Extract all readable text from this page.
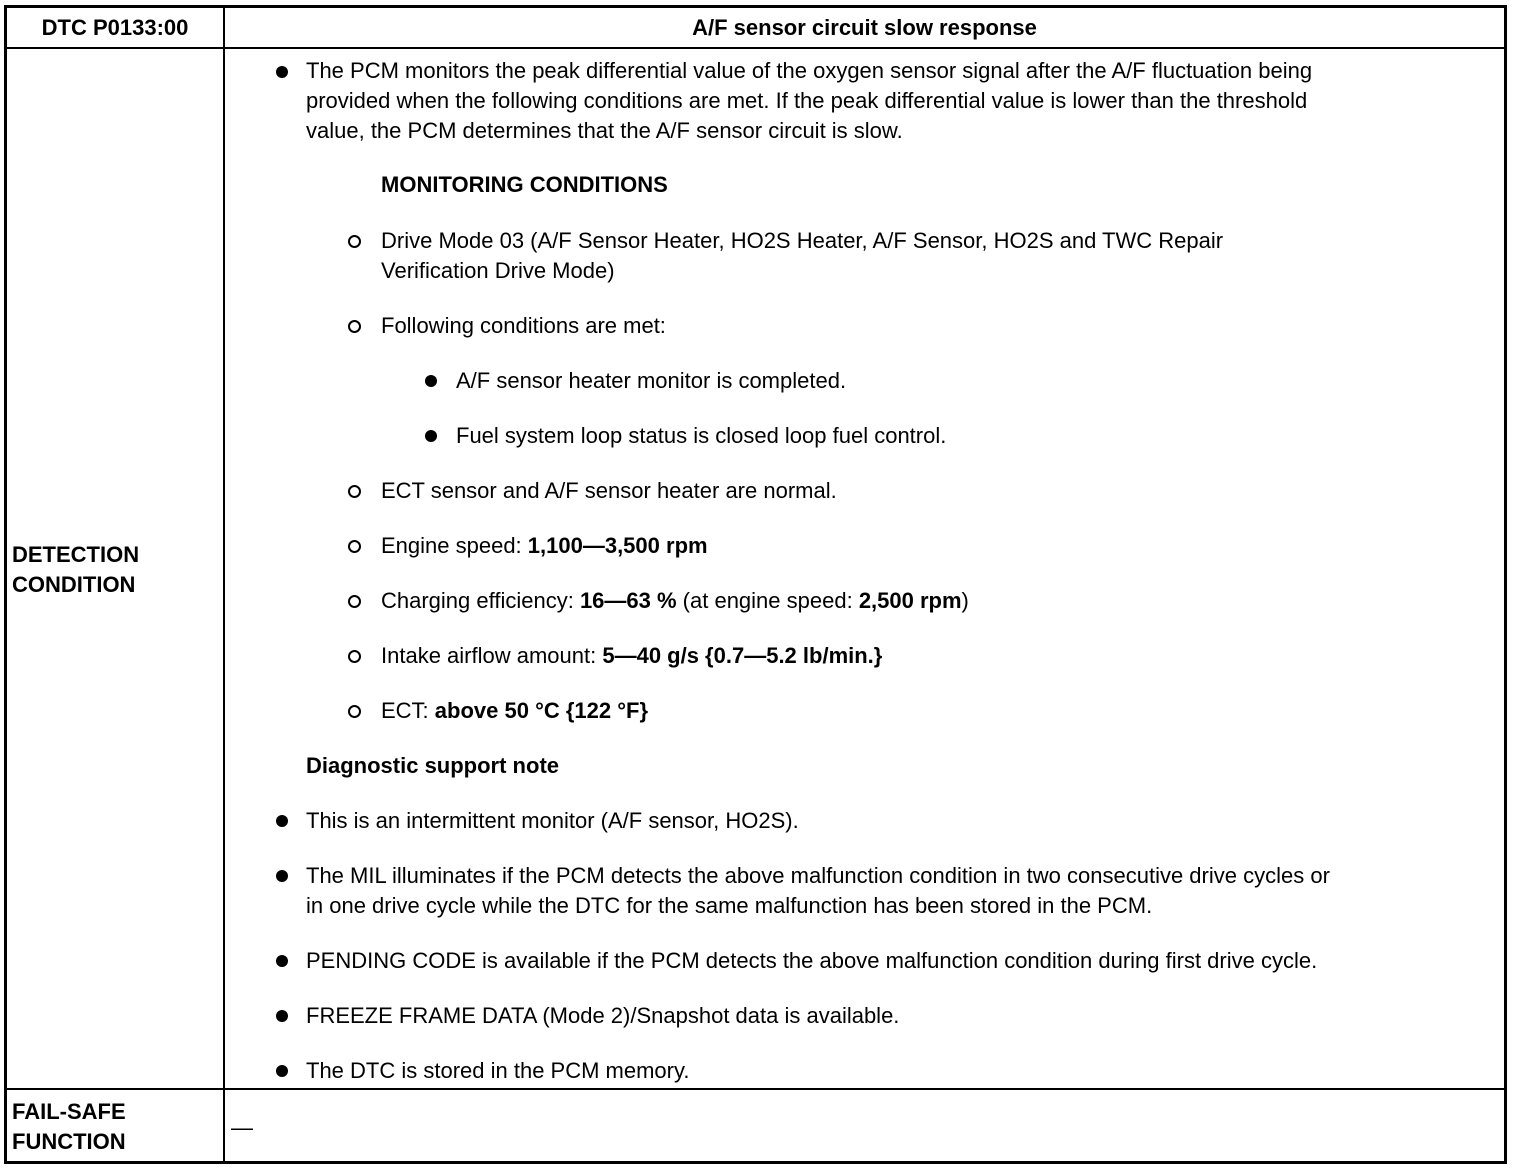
DTC P0133:00	A/F sensor circuit slow response
DETECTION
CONDITION
FAIL-SAFE
FUNCTION
The PCM monitors the peak differential value of the oxygen sensor signal after the A/F fluctuation being
provided when the following conditions are met. If the peak differential value is lower than the threshold
value, the PCM determines that the A/F sensor circuit is slow.
MONITORING CONDITIONS
Drive Mode 03 (A/F Sensor Heater, HO2S Heater, A/F Sensor, HO2S and TWC Repair
Verification Drive Mode)
Following conditions are met:
A/F sensor heater monitor is completed.
Fuel system loop status is closed loop fuel control.
ECT sensor and A/F sensor heater are normal.
Engine speed: 1,100—3,500 rpm
Charging efficiency: 16—63 % (at engine speed: 2,500 rpm)
Intake airflow amount: 5—40 g/s {0.7—5.2 lb/min.}
ECT: above 50 °C {122 °F}
Diagnostic support note
This is an intermittent monitor (A/F sensor, HO2S).
The MIL illuminates if the PCM detects the above malfunction condition in two consecutive drive cycles or
in one drive cycle while the DTC for the same malfunction has been stored in the PCM.
PENDING CODE is available if the PCM detects the above malfunction condition during first drive cycle.
FREEZE FRAME DATA (Mode 2)/Snapshot data is available.
The DTC is stored in the PCM memory.
—
